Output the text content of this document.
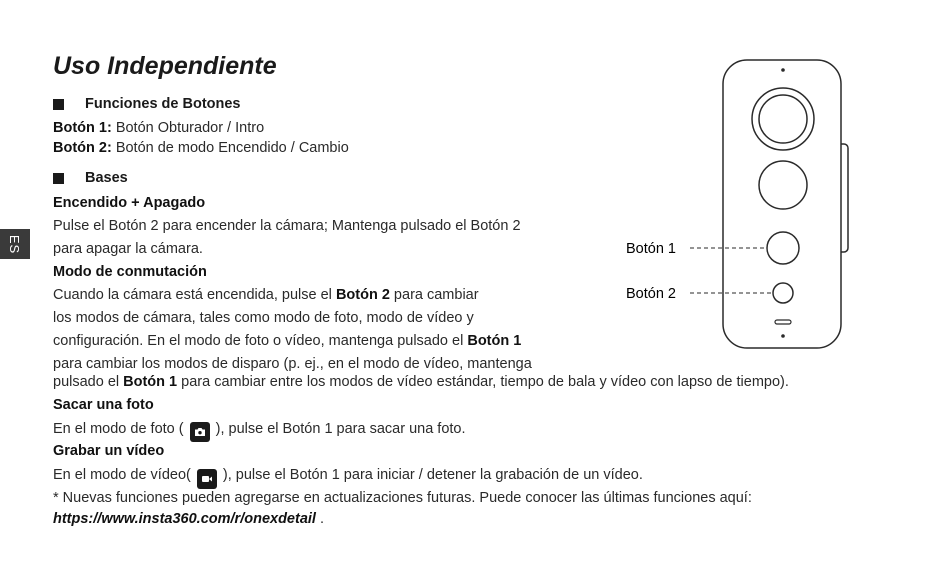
ES
Uso Independiente
Funciones de Botones
Botón 1: Botón Obturador / Intro
Botón 2: Botón de modo Encendido / Cambio
Bases
Encendido + Apagado
Pulse el Botón 2 para encender la cámara; Mantenga pulsado el Botón 2
para apagar la cámara.
Modo de conmutación
Cuando la cámara está encendida, pulse el Botón 2 para cambiar
los modos de cámara, tales como modo de foto, modo de vídeo y
configuración. En el modo de foto o vídeo, mantenga pulsado el Botón 1
para cambiar los modos de disparo (p. ej., en el modo de vídeo, mantenga
pulsado el Botón 1 para cambiar entre los modos de vídeo estándar, tiempo de bala y vídeo con lapso de tiempo).
Sacar una foto
En el modo de foto (
), pulse el Botón 1 para sacar una foto.
Grabar un vídeo
En el modo de vídeo(
), pulse el Botón 1 para iniciar / detener la grabación de un vídeo.
* Nuevas funciones pueden agregarse en actualizaciones futuras. Puede conocer las últimas funciones aquí:
https://www.insta360.com/r/onexdetail .
Botón 1
Botón 2
